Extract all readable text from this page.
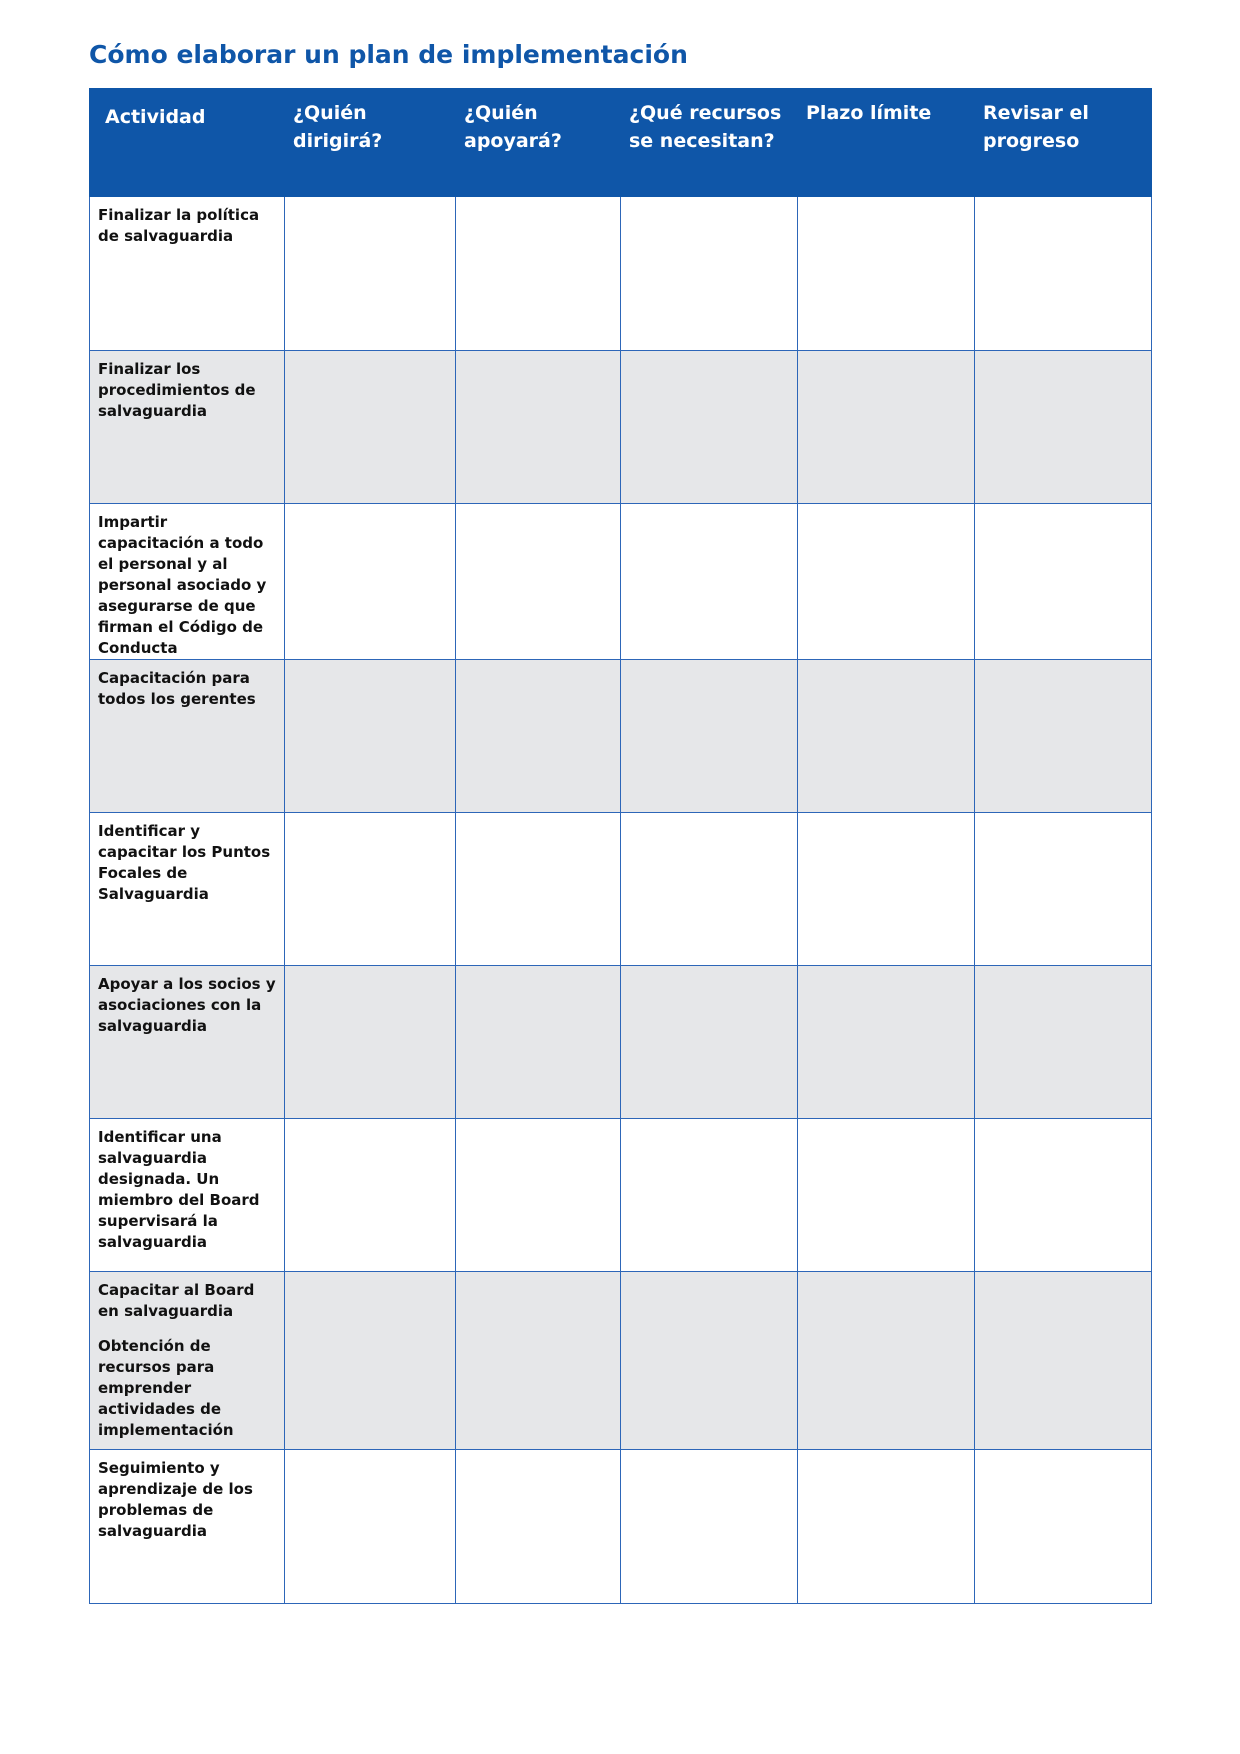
Cómo elaborar un plan de implementación
Actividad	¿Quién dirigirá?	¿Quién apoyará?	¿Qué recursos se necesitan?	Plazo límite	Revisar el progreso
Finalizar la política de salvaguardia					
Finalizar los procedimientos de salvaguardia					
Impartir capacitación a todo el personal y al personal asociado y asegurarse de que firman el Código de Conducta					
Capacitación para todos los gerentes					
Identificar y capacitar los Puntos Focales de Salvaguardia					
Apoyar a los socios y asociaciones con la salvaguardia					
Identificar una salvaguardia designada. Un miembro del Board supervisará la salvaguardia					

Capacitar al Board en salvaguardia
Obtención de recursos para emprender actividades de implementación					

Seguimiento y aprendizaje de los problemas de salvaguardia					
